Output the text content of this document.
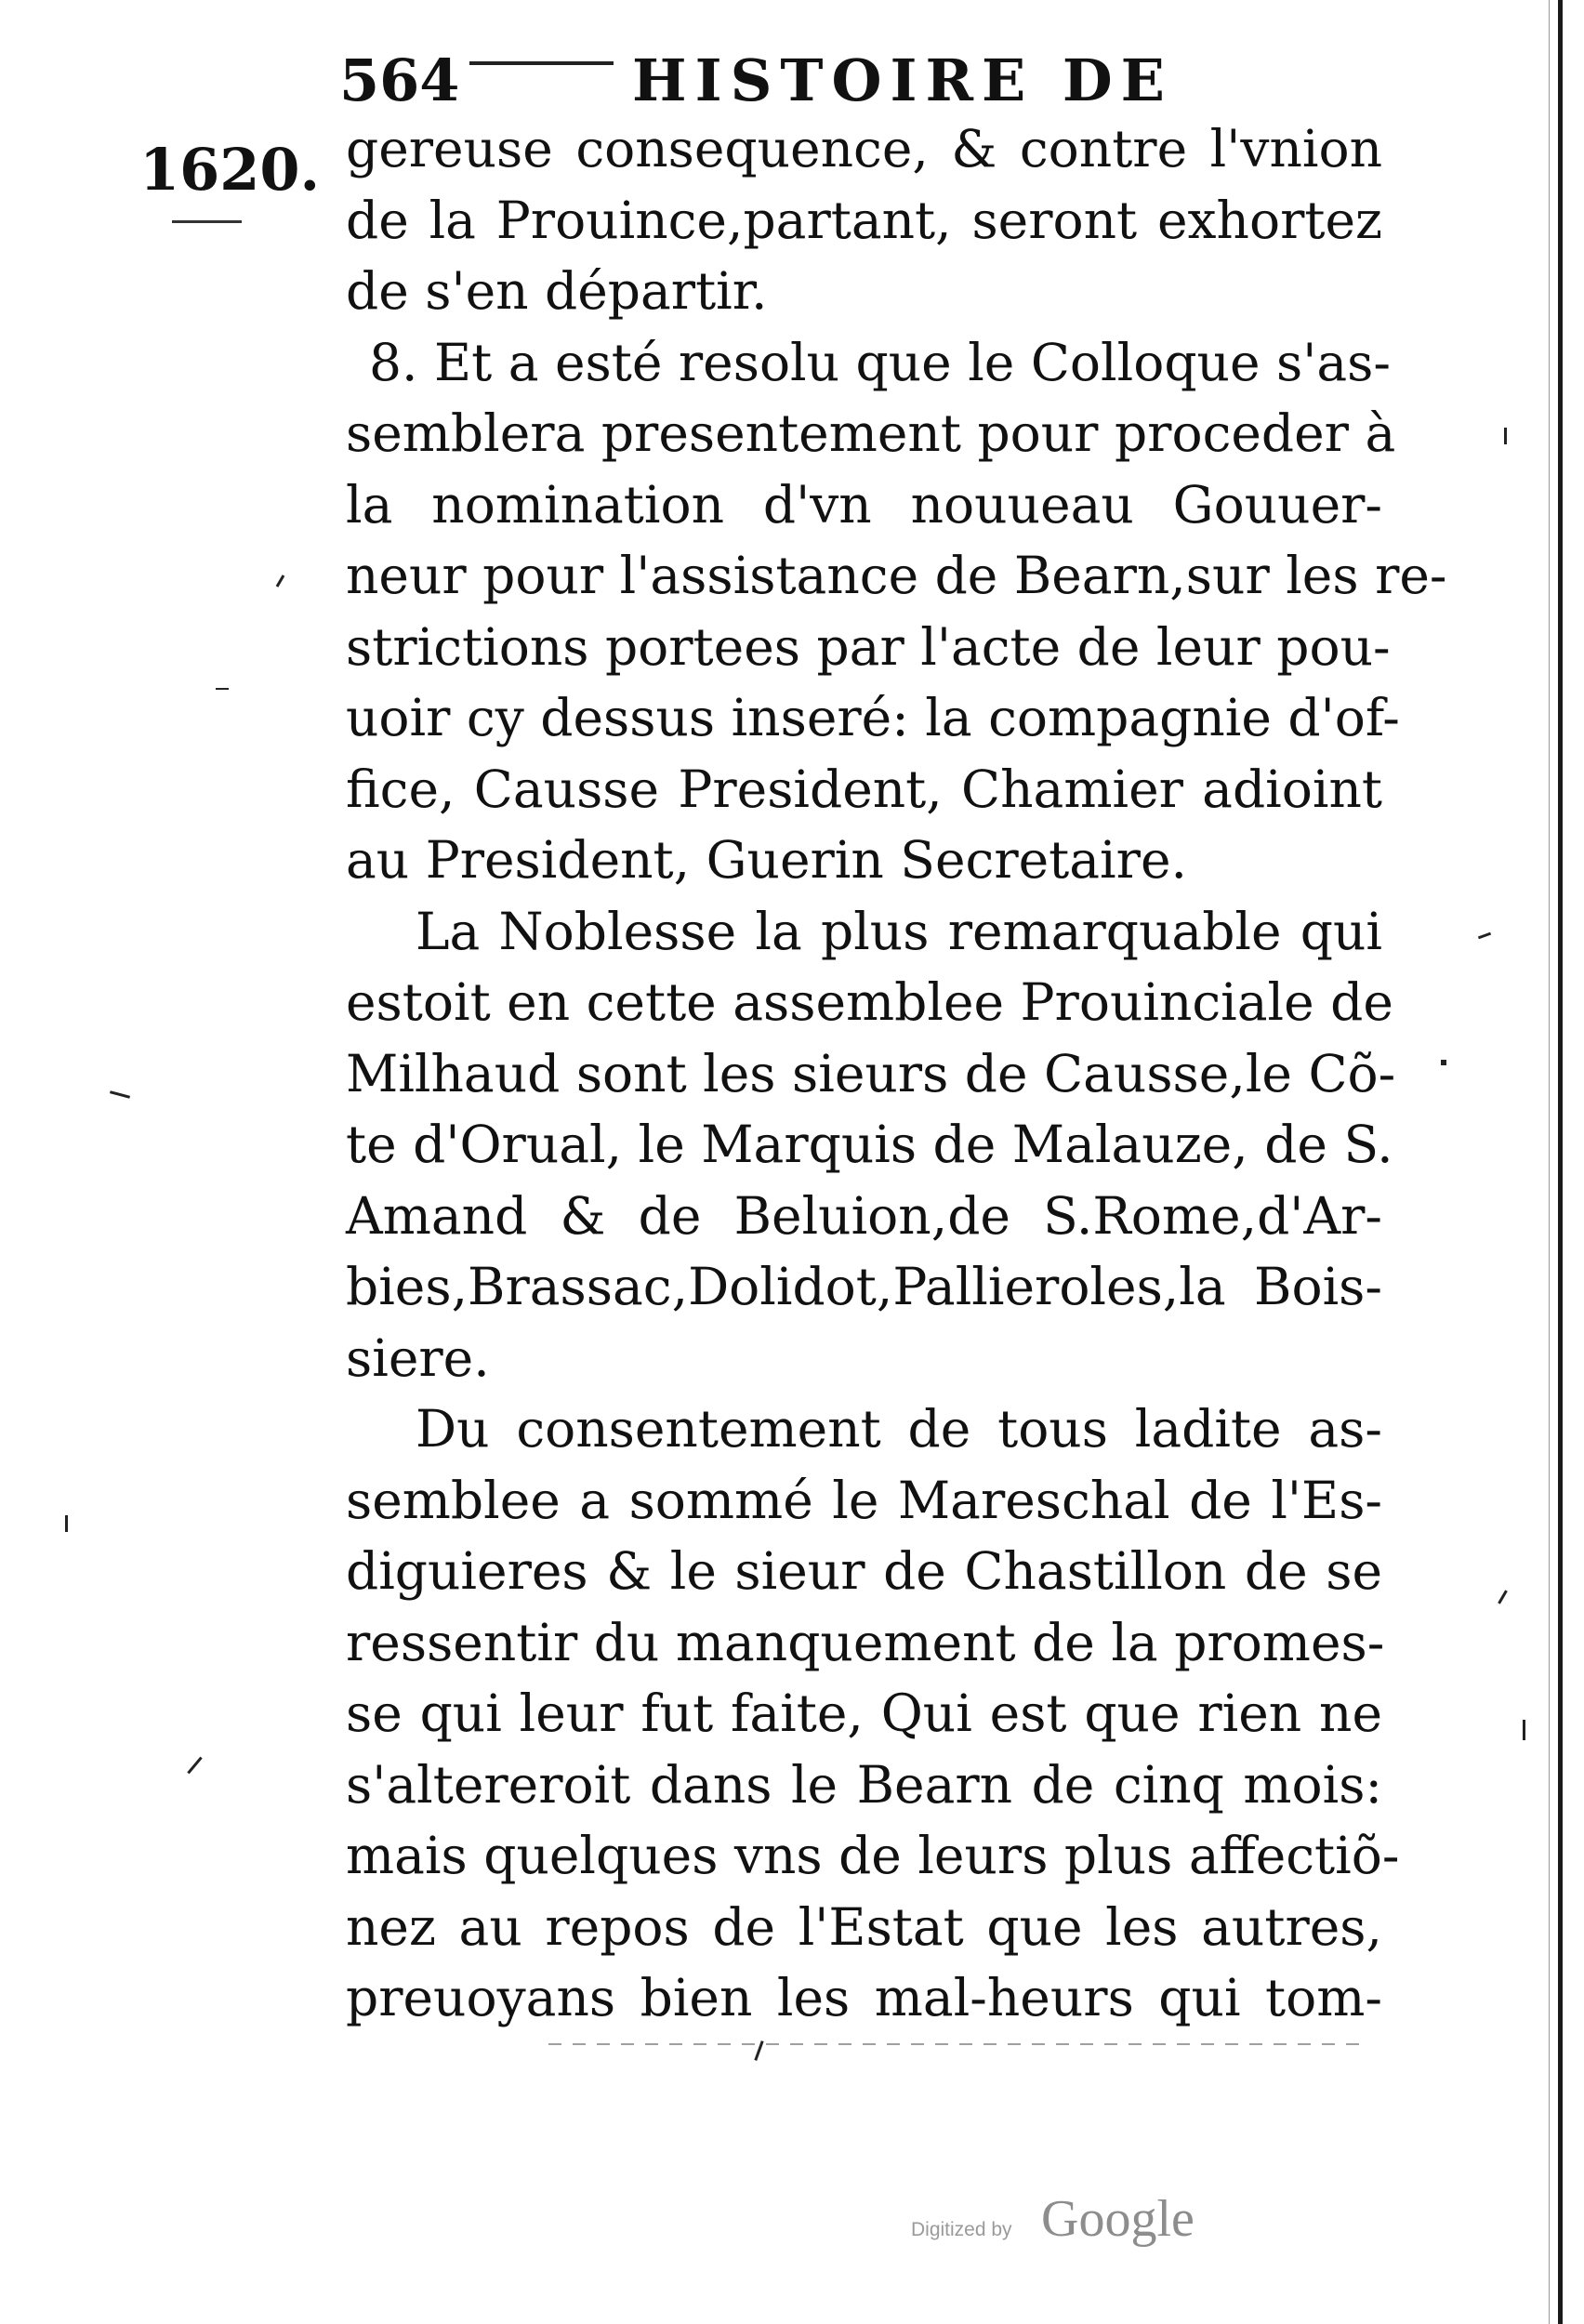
564	HISTOIRE DE
1620. gereuse consequence, & contre l'vnion
de la Prouince,partant, seront exhortez
de s'en départir.
8. Et a esté resolu que le Colloque s'as-
semblera presentement pour proceder à
la nomination d'vn nouueau Gouuer-
neur pour l'assistance de Bearn,sur les re-
strictions portees par l'acte de leur pou-
uoir cy dessus inseré: la compagnie d'of-
fice, Causse President, Chamier adioint
au President, Guerin Secretaire.
La Noblesse la plus remarquable qui
estoit en cette assemblee Prouinciale de
Milhaud sont les sieurs de Causse,le Cõ-
te d'Orual, le Marquis de Malauze, de S.
Amand & de Beluion,de S.Rome,d'Ar-
bies,Brassac,Dolidot,Pallieroles,la Bois-
siere.
Du consentement de tous ladite as-
semblee a sommé le Mareschal de l'Es-
diguieres & le sieur de Chastillon de se
ressentir du manquement de la promes-
se qui leur fut faite, Qui est que rien ne
s'altereroit dans le Bearn de cinq mois:
mais quelques vns de leurs plus affectiõ-
nez au repos de l'Estat que les autres,
preuoyans bien les mal-heurs qui tom-
Digitized by Google
